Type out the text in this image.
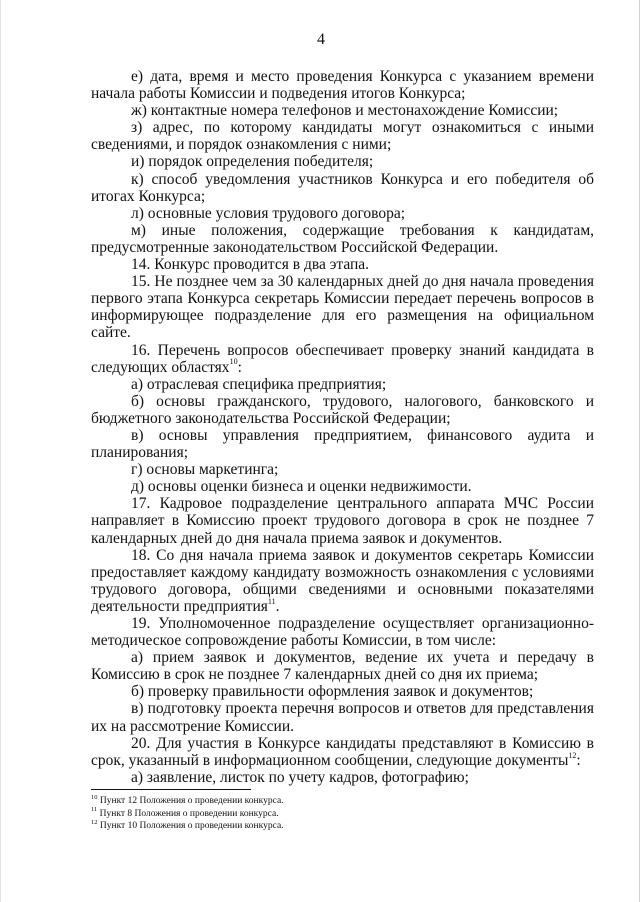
4

е) дата, время и место проведения Конкурса с указанием времени начала работы Комиссии и подведения итогов Конкурса;

ж) контактные номера телефонов и местонахождение Комиссии;

з) адрес, по которому кандидаты могут ознакомиться с иными сведениями, и порядок ознакомления с ними;

и) порядок определения победителя;

к) способ уведомления участников Конкурса и его победителя об итогах Конкурса;

л) основные условия трудового договора;

м) иные положения, содержащие требования к кандидатам, предусмотренные законодательством Российской Федерации.

14. Конкурс проводится в два этапа.

15. Не позднее чем за 30 календарных дней до дня начала проведения первого этапа Конкурса секретарь Комиссии передает перечень вопросов в информирующее подразделение для его размещения на официальном сайте.

16. Перечень вопросов обеспечивает проверку знаний кандидата в следующих областях$^{10}$:

а) отраслевая специфика предприятия;

б) основы гражданского, трудового, налогового, банковского и бюджетного законодательства Российской Федерации;

в) основы управления предприятием, финансового аудита и планирования;

г) основы маркетинга;

д) основы оценки бизнеса и оценки недвижимости.

17. Кадровое подразделение центрального аппарата МЧС России направляет в Комиссию проект трудового договора в срок не позднее 7 календарных дней до дня начала приема заявок и документов.

18. Со дня начала приема заявок и документов секретарь Комиссии предоставляет каждому кандидату возможность ознакомления с условиями трудового договора, общими сведениями и основными показателями деятельности предприятия$^{11}$.

19. Уполномоченное подразделение осуществляет организационно-методическое сопровождение работы Комиссии, в том числе:

а) прием заявок и документов, ведение их учета и передачу в Комиссию в срок не позднее 7 календарных дней со дня их приема;

б) проверку правильности оформления заявок и документов;

в) подготовку проекта перечня вопросов и ответов для представления их на рассмотрение Комиссии.

20. Для участия в Конкурсе кандидаты представляют в Комиссию в срок, указанный в информационном сообщении, следующие документы$^{12}$:

а) заявление, листок по учету кадров, фотографию;

$^{10}$ Пункт 12 Положения о проведении конкурса.

$^{11}$ Пункт 8 Положения о проведении конкурса.

$^{12}$ Пункт 10 Положения о проведении конкурса.
